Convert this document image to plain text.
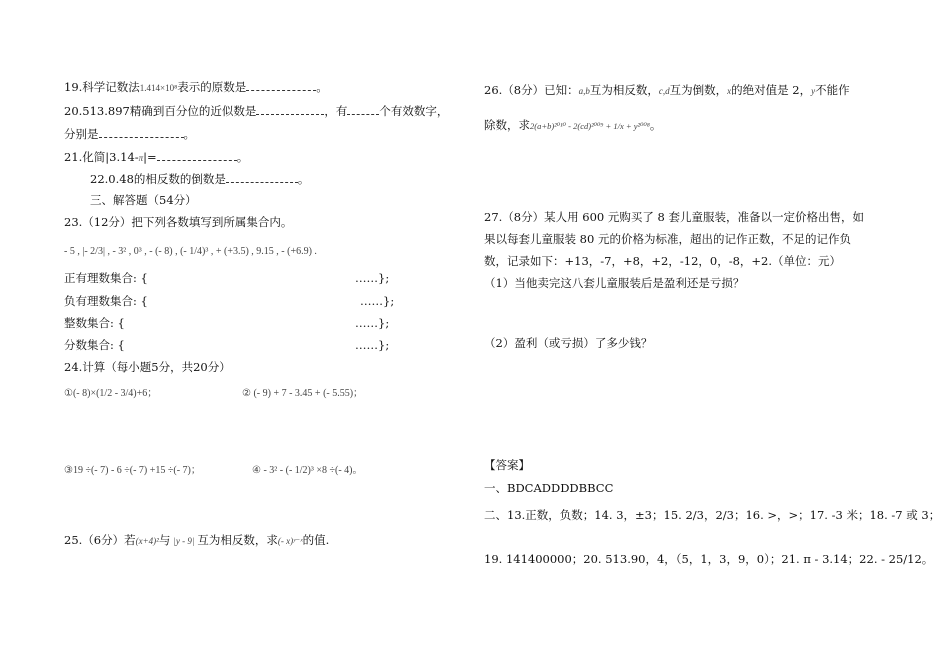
19.科学记数法1.414×10⁸表示的原数是	。
20.513.897精确到百分位的近似数是	，有	个有效数字，
分别是	。
21.化简|3.14-π|=	。
22.0.48的相反数的倒数是	。
三、解答题（54分）
23.（12分）把下列各数填写到所属集合内。
- 5 , |- 2/3| , - 3² , 0³ , - (- 8) , (- 1/4)³ , + (+3.5) , 9.15 , - (+6.9) .
正有理数集合: {	……};
负有理数集合: {	……};
整数集合: {	……};
分数集合: {	……};
24.计算（每小题5分，共20分）
①(- 8)×(1/2 - 3/4)+6；	② (- 9) + 7 - 3.45 + (- 5.55)；
③19 ÷(- 7) - 6 ÷(- 7) +15 ÷(- 7)；	④ - 3² - (- 1/2)³ ×8 ÷(- 4)。
25.（6分）若(x+4)²与 |y - 9| 互为相反数，求(- x)ʸ⁻ˣ的值.
26.（8分）已知：a,b互为相反数，c,d互为倒数，x的绝对值是 2，y不能作
除数，求2(a+b)²⁰¹⁰ - 2(cd)²⁰⁰⁹ + 1/x + y²⁰⁰⁸。
27.（8分）某人用 600 元购买了 8 套儿童服装，准备以一定价格出售，如
果以每套儿童服装 80 元的价格为标准，超出的记作正数，不足的记作负
数，记录如下：+13，-7，+8，+2，-12，0，-8，+2.（单位：元）
（1）当他卖完这八套儿童服装后是盈利还是亏损？
（2）盈利（或亏损）了多少钱？
【答案】
一、BDCADDDDBBCC
二、13.正数，负数；14. 3，±3；15. 2/3，2/3；16. >，>；17. -3 米；18. -7 或 3；
19. 141400000；20. 513.90，4，（5，1，3，9，0）；21. π - 3.14；22. - 25/12。
